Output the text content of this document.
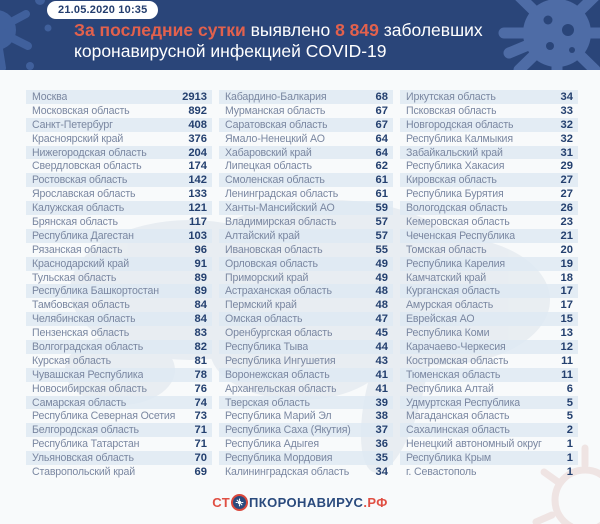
21.05.2020 10:35
За последние сутки выявлено 8 849 заболевших
коронавирусной инфекцией COVID-19
Москва	2913
Московская область	892
Санкт-Петербург	408
Красноярский край	376
Нижегородская область	204
Свердловская область	174
Ростовская область	142
Ярославская область	133
Калужская область	121
Брянская область	117
Республика Дагестан	103
Рязанская область	96
Краснодарский край	91
Тульская область	89
Республика Башкортостан	89
Тамбовская область	84
Челябинская область	84
Пензенская область	83
Волгоградская область	82
Курская область	81
Чувашская Республика	78
Новосибирская область	76
Самарская область	74
Республика Северная Осетия 73
Белгородская область	71
Республика Татарстан	71
Ульяновская область	70
Ставропольский край	69
Кабардино-Балкария	68
Мурманская область	67
Саратовская область	67
Ямало-Ненецкий АО	64
Хабаровский край	64
Липецкая область	62
Смоленская область	61
Ленинградская область	61
Ханты-Мансийский АО	59
Владимирская область	57
Алтайский край	57
Ивановская область	55
Орловская область	49
Приморский край	49
Астраханская область	48
Пермский край	48
Омская область	47
Оренбургская область	45
Республика Тыва	44
Республика Ингушетия	43
Воронежская область	41
Архангельская область	41
Тверская область	39
Республика Марий Эл	38
Республика Саха (Якутия) 37
Республика Адыгея	36
Республика Мордовия	35
Калининградская область 34
Иркутская область	34
Псковская область	33
Новгородская область	32
Республика Калмыкия	32
Забайкальский край	31
Республика Хакасия	29
Кировская область	27
Республика Бурятия	27
Вологодская область	26
Кемеровская область	23
Чеченская Республика	21
Томская область	20
Республика Карелия	19
Камчатский край	18
Курганская область	17
Амурская область	17
Еврейская АО	15
Республика Коми	13
Карачаево-Черкесия	12
Костромская область	11
Тюменская область	11
Республика Алтай	6
Удмуртская Республика	5
Магаданская область	5
Сахалинская область	2
Ненецкий автономный округ 1
Республика Крым	1
г. Севастополь	1
СТ ПКОРОНАВИРУС .РФ
